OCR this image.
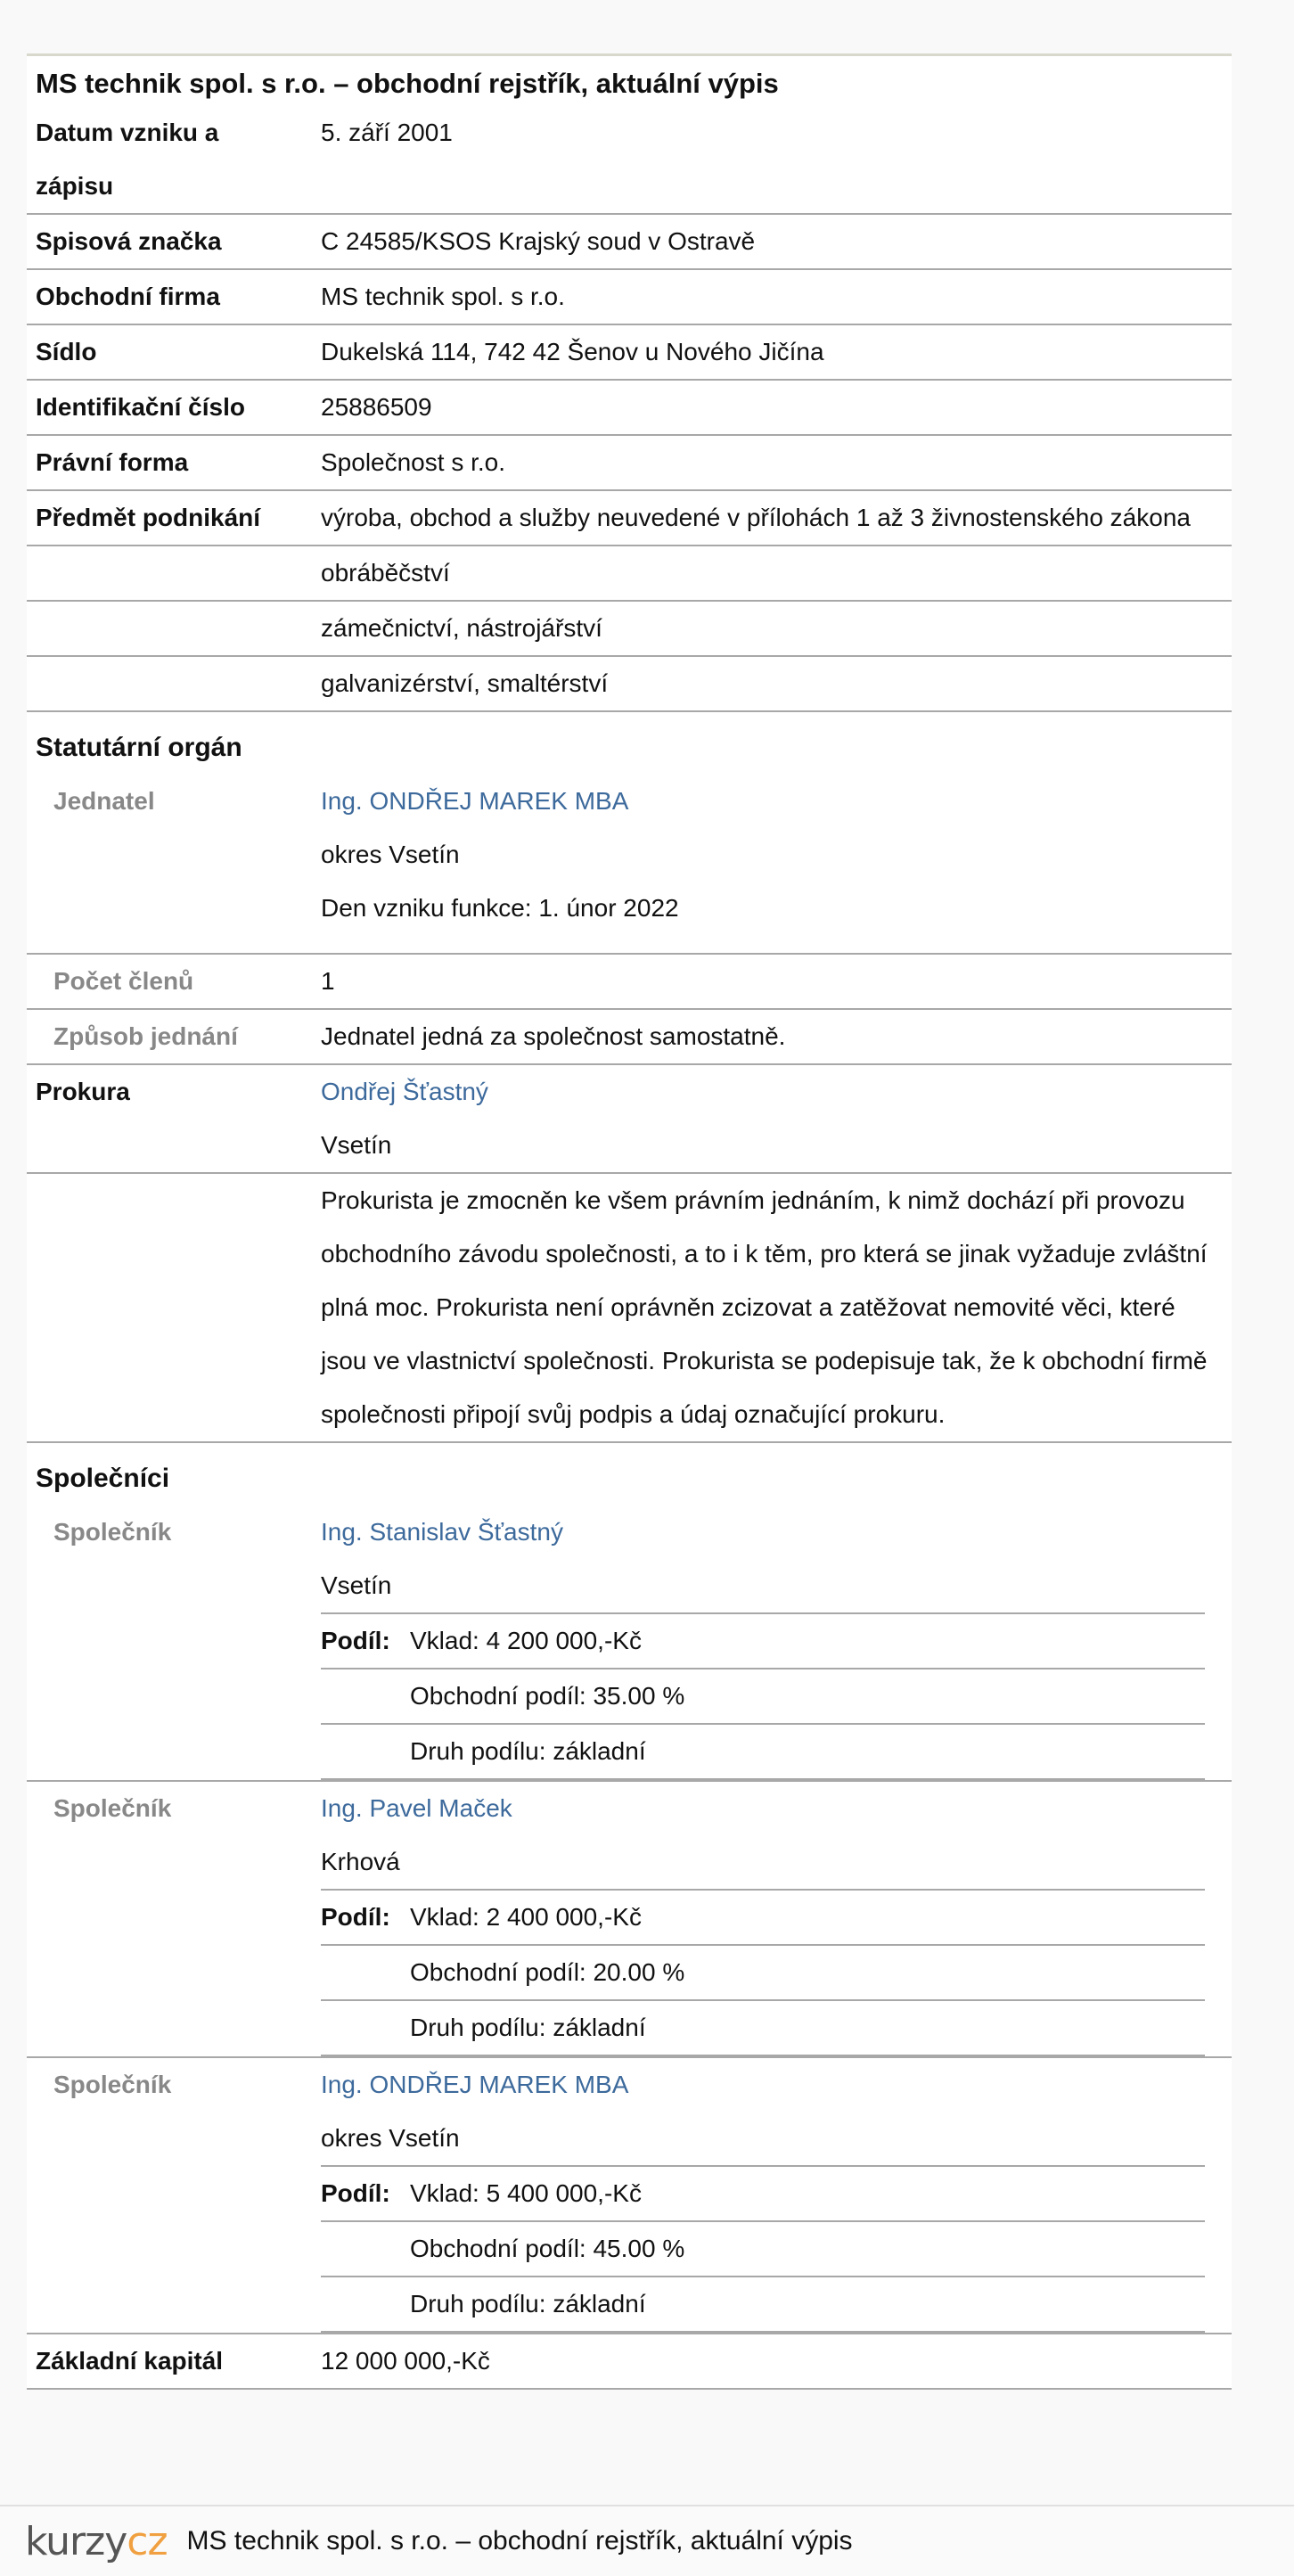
MS technik spol. s r.o. – obchodní rejstřík, aktuální výpis
Datum vzniku a zápisu	5. září 2001
Spisová značka	C 24585/KSOS Krajský soud v Ostravě
Obchodní firma	MS technik spol. s r.o.
Sídlo	Dukelská 114, 742 42 Šenov u Nového Jičína
Identifikační číslo	25886509
Právní forma	Společnost s r.o.
Předmět podnikání	výroba, obchod a služby neuvedené v přílohách 1 až 3 živnostenského zákona
	obráběčství
	zámečnictví, nástrojářství
	galvanizérství, smaltérství
Statutární orgán
Jednatel	Ing. ONDŘEJ MAREK MBA

okres Vsetín

Den vzniku funkce: 1. únor 2022

Počet členů	1
Způsob jednání	Jednatel jedná za společnost samostatně.
Prokura	Ondřej Šťastný

Vsetín

	Prokurista je zmocněn ke všem právním jednáním, k nimž dochází při provozu obchodního závodu společnosti, a to i k těm, pro která se jinak vyžaduje zvláštní plná moc. Prokurista není oprávněn zcizovat a zatěžovat nemovité věci, které jsou ve vlastnictví společnosti. Prokurista se podepisuje tak, že k obchodní firmě společnosti připojí svůj podpis a údaj označující prokuru.
Společníci
Společník	Ing. Stanislav Šťastný

Vsetín

Podíl:	Vklad: 4 200 000,-Kč
	Obchodní podíl: 35.00 %
	Druh podílu: základní

Společník	Ing. Pavel Maček

Krhová

Podíl:	Vklad: 2 400 000,-Kč
	Obchodní podíl: 20.00 %
	Druh podílu: základní

Společník	Ing. ONDŘEJ MAREK MBA

okres Vsetín

Podíl:	Vklad: 5 400 000,-Kč
	Obchodní podíl: 45.00 %
	Druh podílu: základní

Základní kapitál	12 000 000,-Kč
kurzycz MS technik spol. s r.o. – obchodní rejstřík, aktuální výpis
